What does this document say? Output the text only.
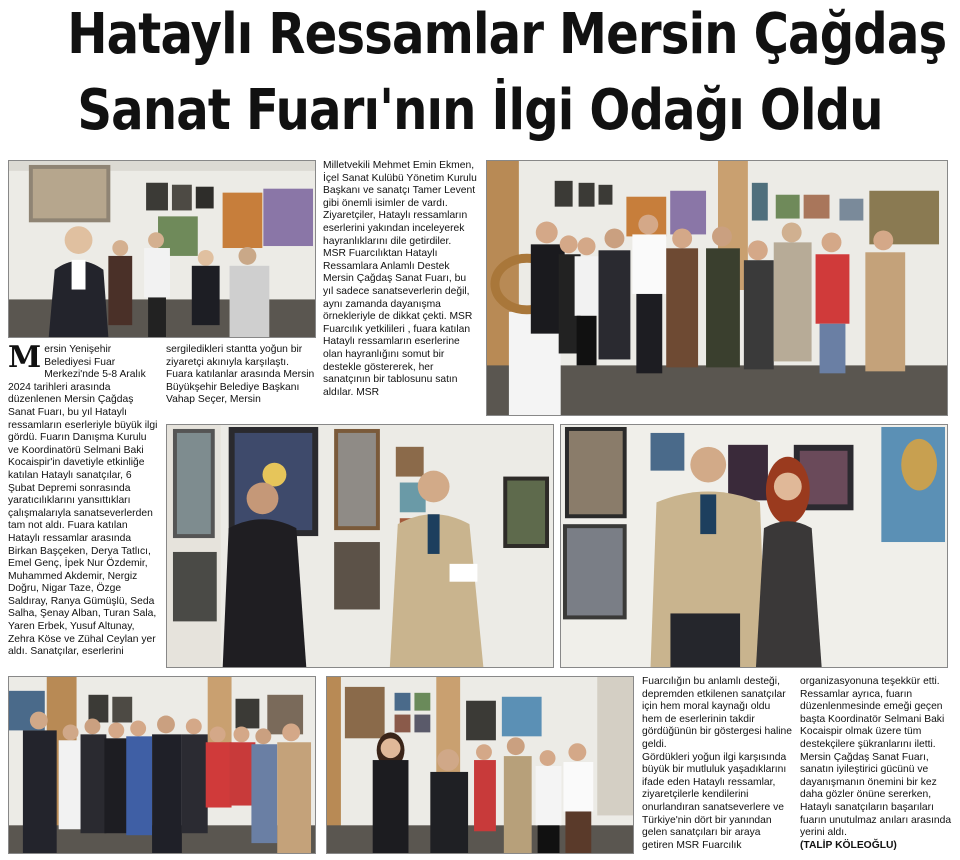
Hataylı Ressamlar Mersin Çağdaş
Sanat Fuarı'nın İlgi Odağı Oldu
M ersin Yenişehir Belediyesi Fuar Merkezi'nde 5-8 Aralık 2024 tarihleri arasında düzenlenen Mersin Çağdaş Sanat Fuarı, bu yıl Hataylı ressamların eserleriyle büyük ilgi gördü. Fuarın Danışma Kurulu ve Koordinatörü Selmani Baki Kocaispir'in davetiyle etkinliğe katılan Hataylı sanatçılar, 6 Şubat Depremi sonrasında yaratıcılıklarını yansıttıkları çalışmalarıyla sanatseverlerden tam not aldı. Fuara katılan Hataylı ressamlar arasında Birkan Başçeken, Derya Tatlıcı, Emel Genç, İpek Nur Özdemir, Muhammed Akdemir, Nergiz Doğru, Nigar Taze, Özge Saldıray, Ranya Gümüşlü, Seda Salha, Şenay Alban, Turan Sala, Yaren Erbek, Yusuf Altunay, Zehra Köse ve Zühal Ceylan yer aldı. Sanatçılar, eserlerini

sergiledikleri stantta yoğun bir ziyaretçi akınıyla karşılaştı. Fuara katılanlar arasında Mersin Büyükşehir Belediye Başkanı Vahap Seçer, Mersin

Milletvekili Mehmet Emin Ekmen, İçel Sanat Kulübü Yönetim Kurulu Başkanı ve sanatçı Tamer Levent gibi önemli isimler de vardı. Ziyaretçiler, Hataylı ressamların eserlerini yakından inceleyerek hayranlıklarını dile getirdiler.

MSR Fuarcılıktan Hataylı Ressamlara Anlamlı Destek Mersin Çağdaş Sanat Fuarı, bu yıl sadece sanatseverlerin değil, aynı zamanda dayanışma örnekleriyle de dikkat çekti. MSR Fuarcılık yetkilileri , fuara katılan Hataylı ressamların eserlerine olan hayranlığını somut bir destekle göstererek, her sanatçının bir tablosunu satın aldılar. MSR

Fuarcılığın bu anlamlı desteği, depremden etkilenen sanatçılar için hem moral kaynağı oldu hem de eserlerinin takdir gördüğünün bir göstergesi haline geldi.

Gördükleri yoğun ilgi karşısında büyük bir mutluluk yaşadıklarını ifade eden Hataylı ressamlar, ziyaretçilerle kendilerini onurlandıran sanatseverlere ve Türkiye'nin dört bir yanından gelen sanatçıları bir araya getiren MSR Fuarcılık

organizasyonuna teşekkür etti. Ressamlar ayrıca, fuarın düzenlenmesinde emeği geçen başta Koordinatör Selmani Baki Kocaispir olmak üzere tüm destekçilere şükranlarını iletti.

Mersin Çağdaş Sanat Fuarı, sanatın iyileştirici gücünü ve dayanışmanın önemini bir kez daha gözler önüne sererken, Hataylı sanatçıların başarıları fuarın unutulmaz anıları arasında yerini aldı.

(TALİP KÖLEOĞLU)
